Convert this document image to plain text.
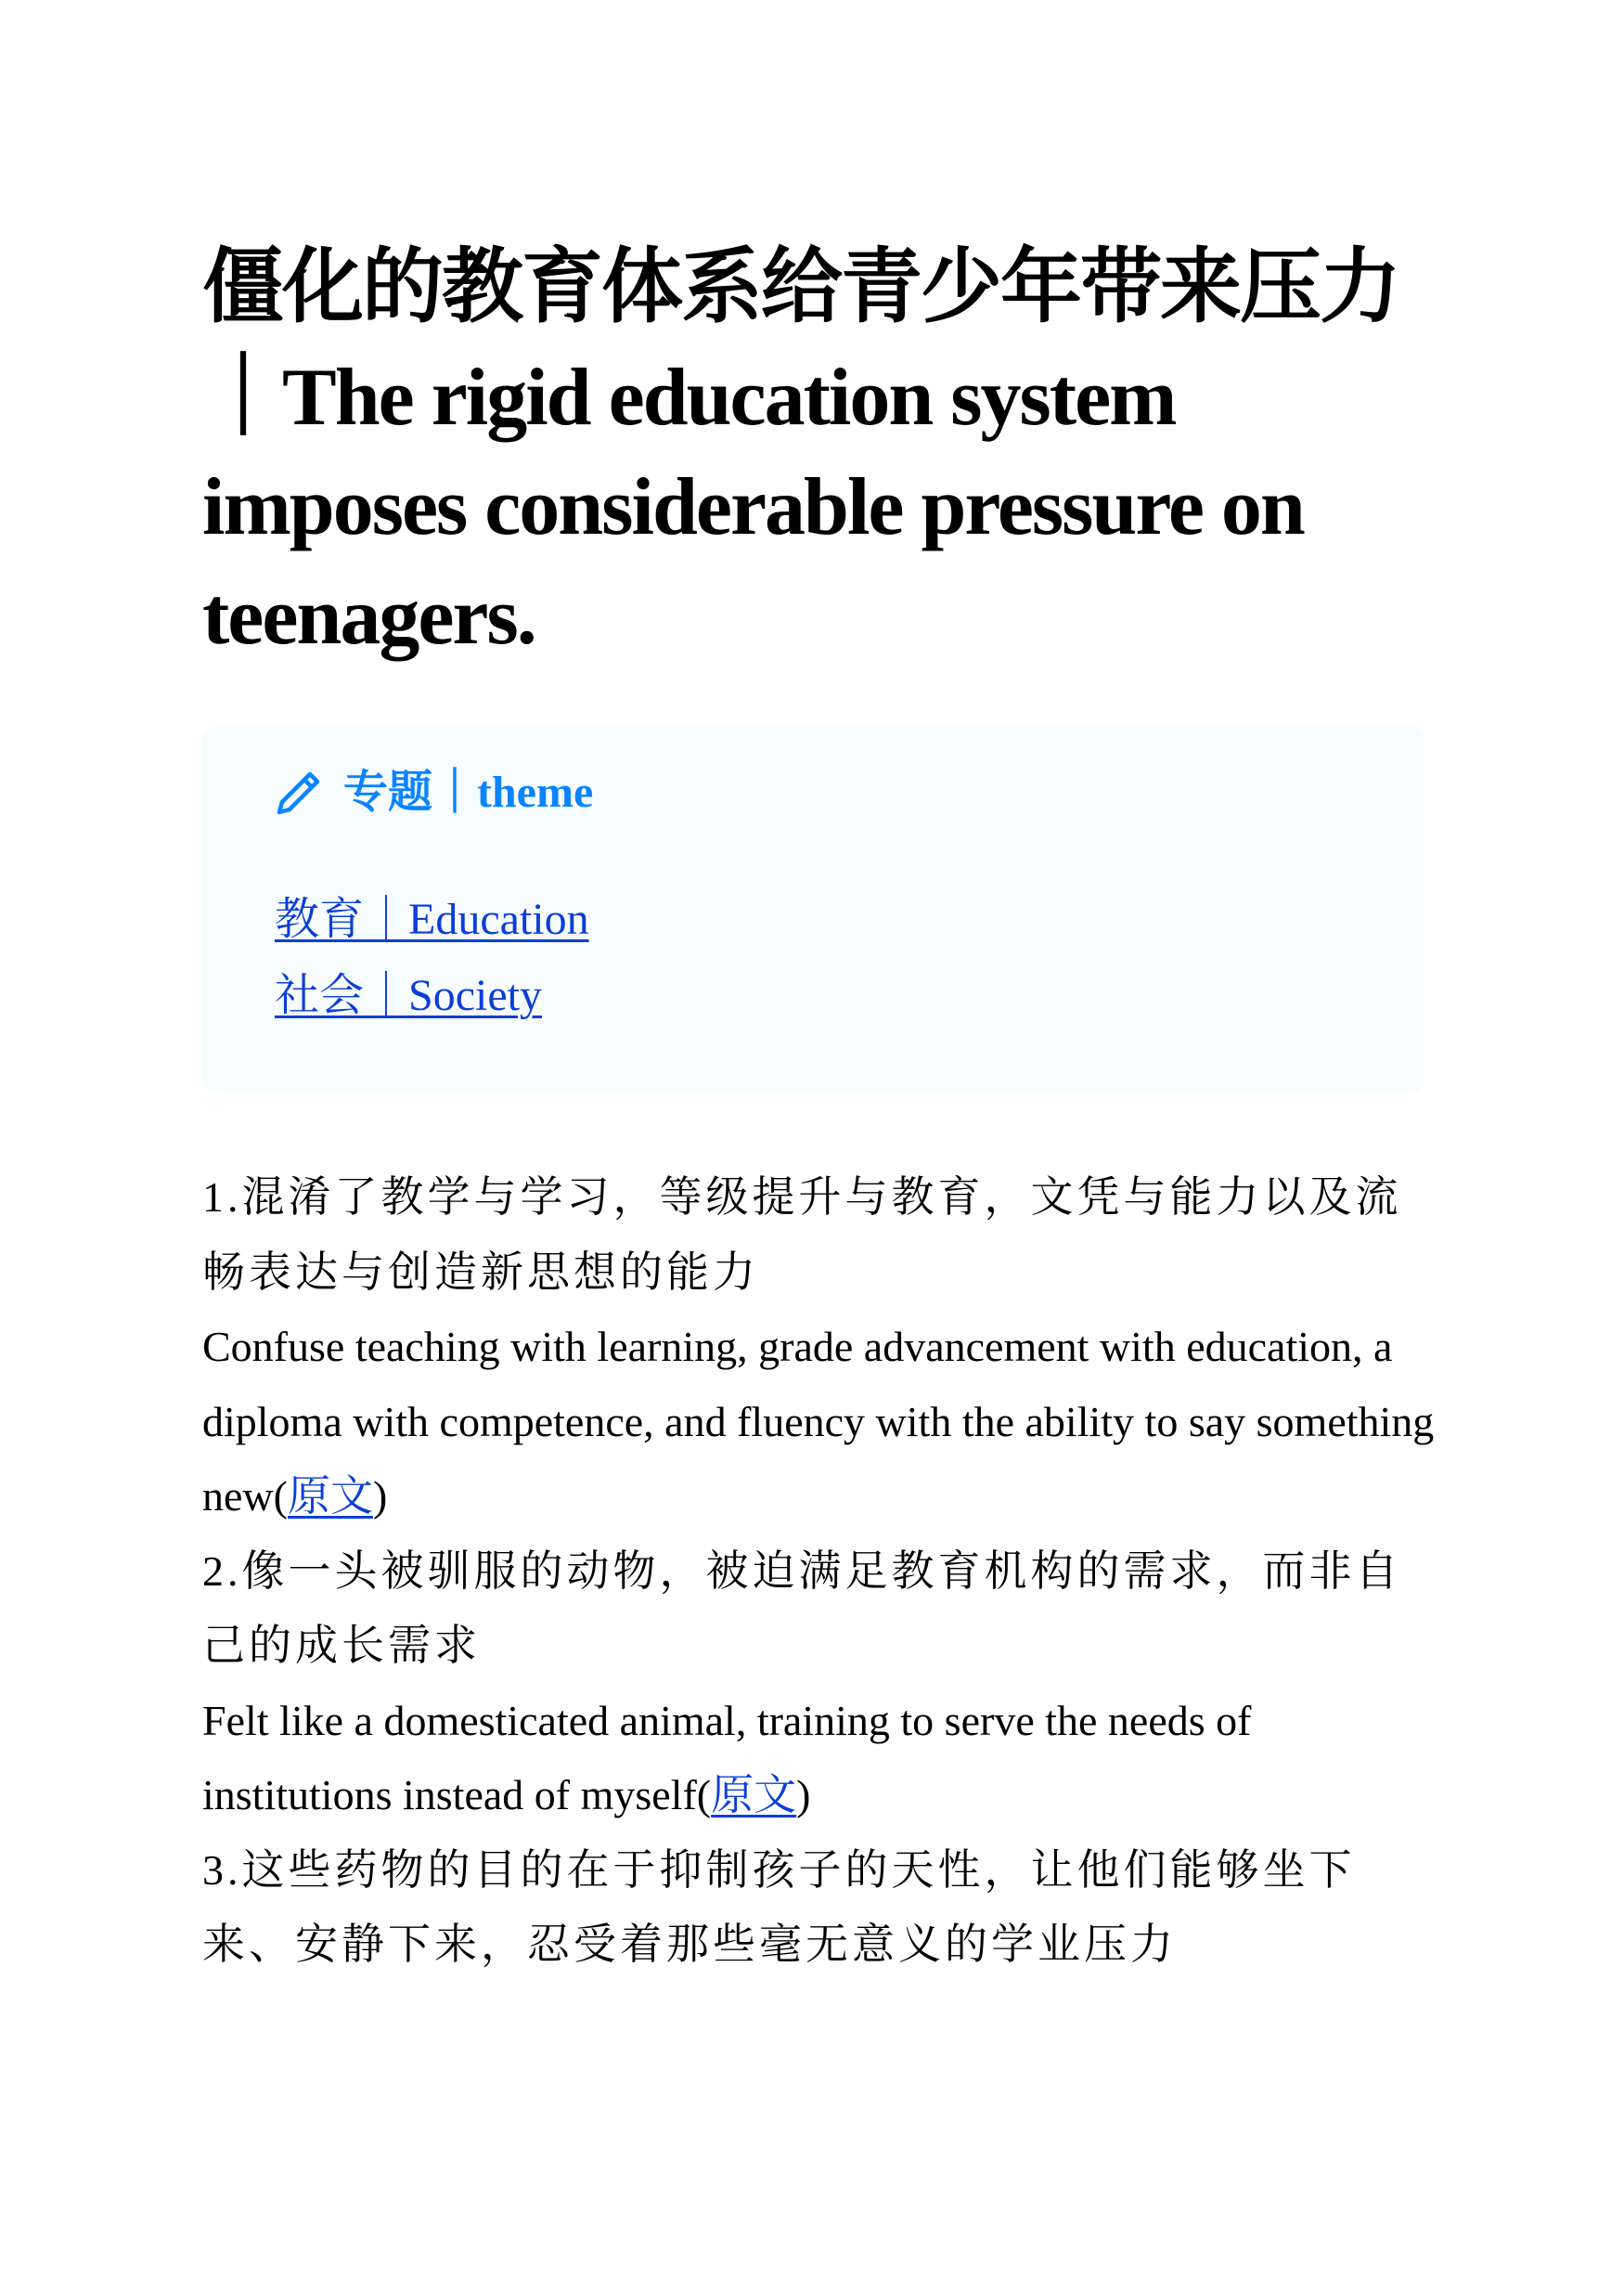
僵化的教育体系给青少年带来压力｜The rigid education system imposes considerable pressure on teenagers.
专题｜theme
教育｜Education
社会｜Society

1.混淆了教学与学习，等级提升与教育，文凭与能力以及流畅表达与创造新思想的能力

Confuse teaching with learning, grade advancement with education, a diploma with competence, and fluency with the ability to say something new(原文)

2.像一头被驯服的动物，被迫满足教育机构的需求，而非自己的成长需求

Felt like a domesticated animal, training to serve the needs of institutions instead of myself(原文)

3.这些药物的目的在于抑制孩子的天性，让他们能够坐下来、安静下来，忍受着那些毫无意义的学业压力
